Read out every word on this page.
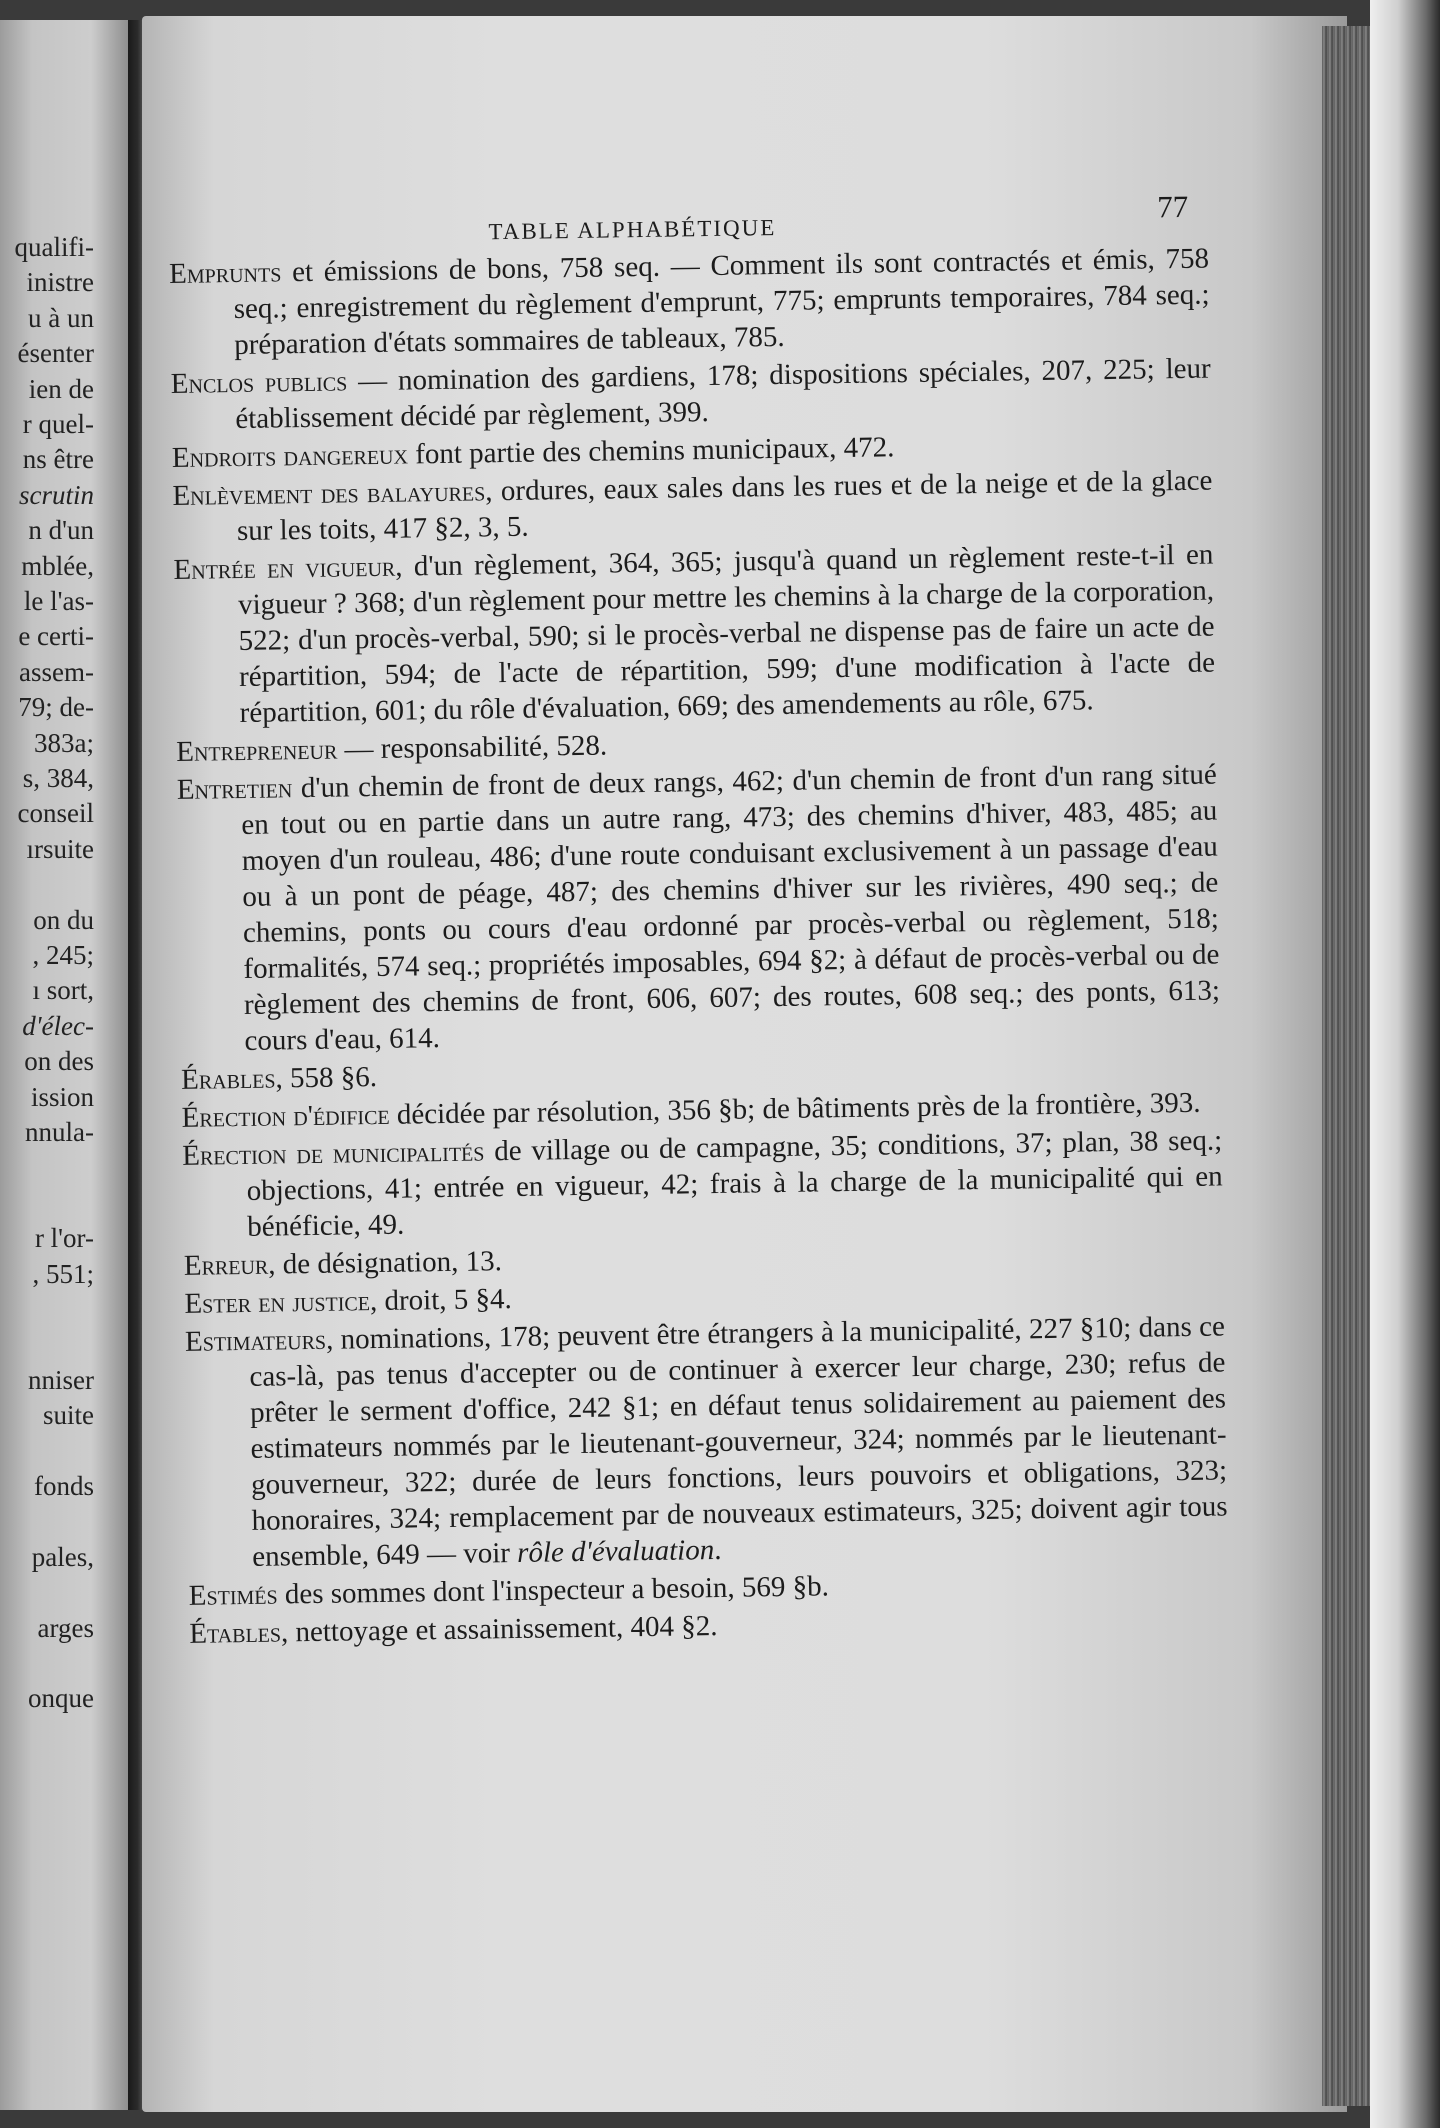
qualifi-
inistre
u à un
ésenter
ien de
r quel-
ns être
scrutin
n d'un
mblée,
le l'as-
e certi-
assem-
79; de-
383a;
s, 384,
conseil
ırsuite
on du
, 245;
ı sort,
d'élec-
on des
ission
nnula-
r l'or-
, 551;
nniser
suite
fonds
pales,
arges
onque
TABLE ALPHABÉTIQUE
77

Emprunts et émissions de bons, 758 seq. — Comment ils sont contractés et émis, 758 seq.; enregistrement du règlement d'emprunt, 775; emprunts temporaires, 784 seq.; préparation d'états sommaires de tableaux, 785.

Enclos publics — nomination des gardiens, 178; dispositions spéciales, 207, 225; leur établissement décidé par règlement, 399.

Endroits dangereux font partie des chemins municipaux, 472.

Enlèvement des balayures, ordures, eaux sales dans les rues et de la neige et de la glace sur les toits, 417 §2, 3, 5.

Entrée en vigueur, d'un règlement, 364, 365; jusqu'à quand un règlement reste-t-il en vigueur ? 368; d'un règlement pour mettre les chemins à la charge de la corporation, 522; d'un procès-verbal, 590; si le procès-verbal ne dispense pas de faire un acte de répartition, 594; de l'acte de répartition, 599; d'une modification à l'acte de répartition, 601; du rôle d'évaluation, 669; des amendements au rôle, 675.

Entrepreneur — responsabilité, 528.

Entretien d'un chemin de front de deux rangs, 462; d'un chemin de front d'un rang situé en tout ou en partie dans un autre rang, 473; des chemins d'hiver, 483, 485; au moyen d'un rouleau, 486; d'une route conduisant exclusivement à un passage d'eau ou à un pont de péage, 487; des chemins d'hiver sur les rivières, 490 seq.; de chemins, ponts ou cours d'eau ordonné par procès-verbal ou règlement, 518; formalités, 574 seq.; propriétés imposables, 694 §2; à défaut de procès-verbal ou de règlement des chemins de front, 606, 607; des routes, 608 seq.; des ponts, 613; cours d'eau, 614.

Érables, 558 §6.

Érection d'édifice décidée par résolution, 356 §b; de bâtiments près de la frontière, 393.

Érection de municipalités de village ou de campagne, 35; conditions, 37; plan, 38 seq.; objections, 41; entrée en vigueur, 42; frais à la charge de la municipalité qui en bénéficie, 49.

Erreur, de désignation, 13.

Ester en justice, droit, 5 §4.

Estimateurs, nominations, 178; peuvent être étrangers à la municipalité, 227 §10; dans ce cas-là, pas tenus d'accepter ou de continuer à exercer leur charge, 230; refus de prêter le serment d'office, 242 §1; en défaut tenus solidairement au paiement des estimateurs nommés par le lieutenant-gouverneur, 324; nommés par le lieutenant-gouverneur, 322; durée de leurs fonctions, leurs pouvoirs et obligations, 323; honoraires, 324; remplacement par de nouveaux estimateurs, 325; doivent agir tous ensemble, 649 — voir rôle d'évaluation.

Estimés des sommes dont l'inspecteur a besoin, 569 §b.

Étables, nettoyage et assainissement, 404 §2.
